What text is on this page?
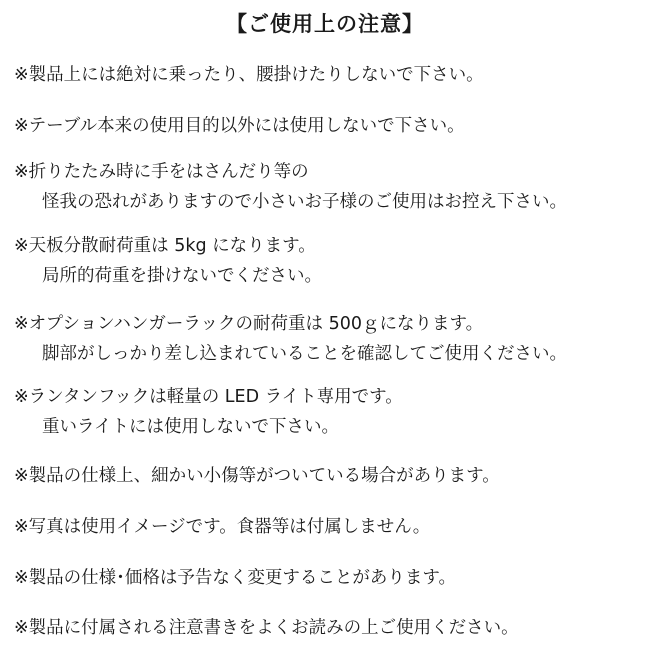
【ご使用上の注意】
※製品上には絶対に乗ったり、腰掛けたりしないで下さい。
※テーブル本来の使用目的以外には使用しないで下さい。
※折りたたみ時に手をはさんだり等の
怪我の恐れがありますので小さいお子様のご使用はお控え下さい。
※天板分散耐荷重は 5kg になります。
局所的荷重を掛けないでください。
※オプションハンガーラックの耐荷重は 500ｇになります。
脚部がしっかり差し込まれていることを確認してご使用ください。
※ランタンフックは軽量の LED ライト専用です。
重いライトには使用しないで下さい。
※製品の仕様上、細かい小傷等がついている場合があります。
※写真は使用イメージです。食器等は付属しません。
※製品の仕様･価格は予告なく変更することがあります。
※製品に付属される注意書きをよくお読みの上ご使用ください。
